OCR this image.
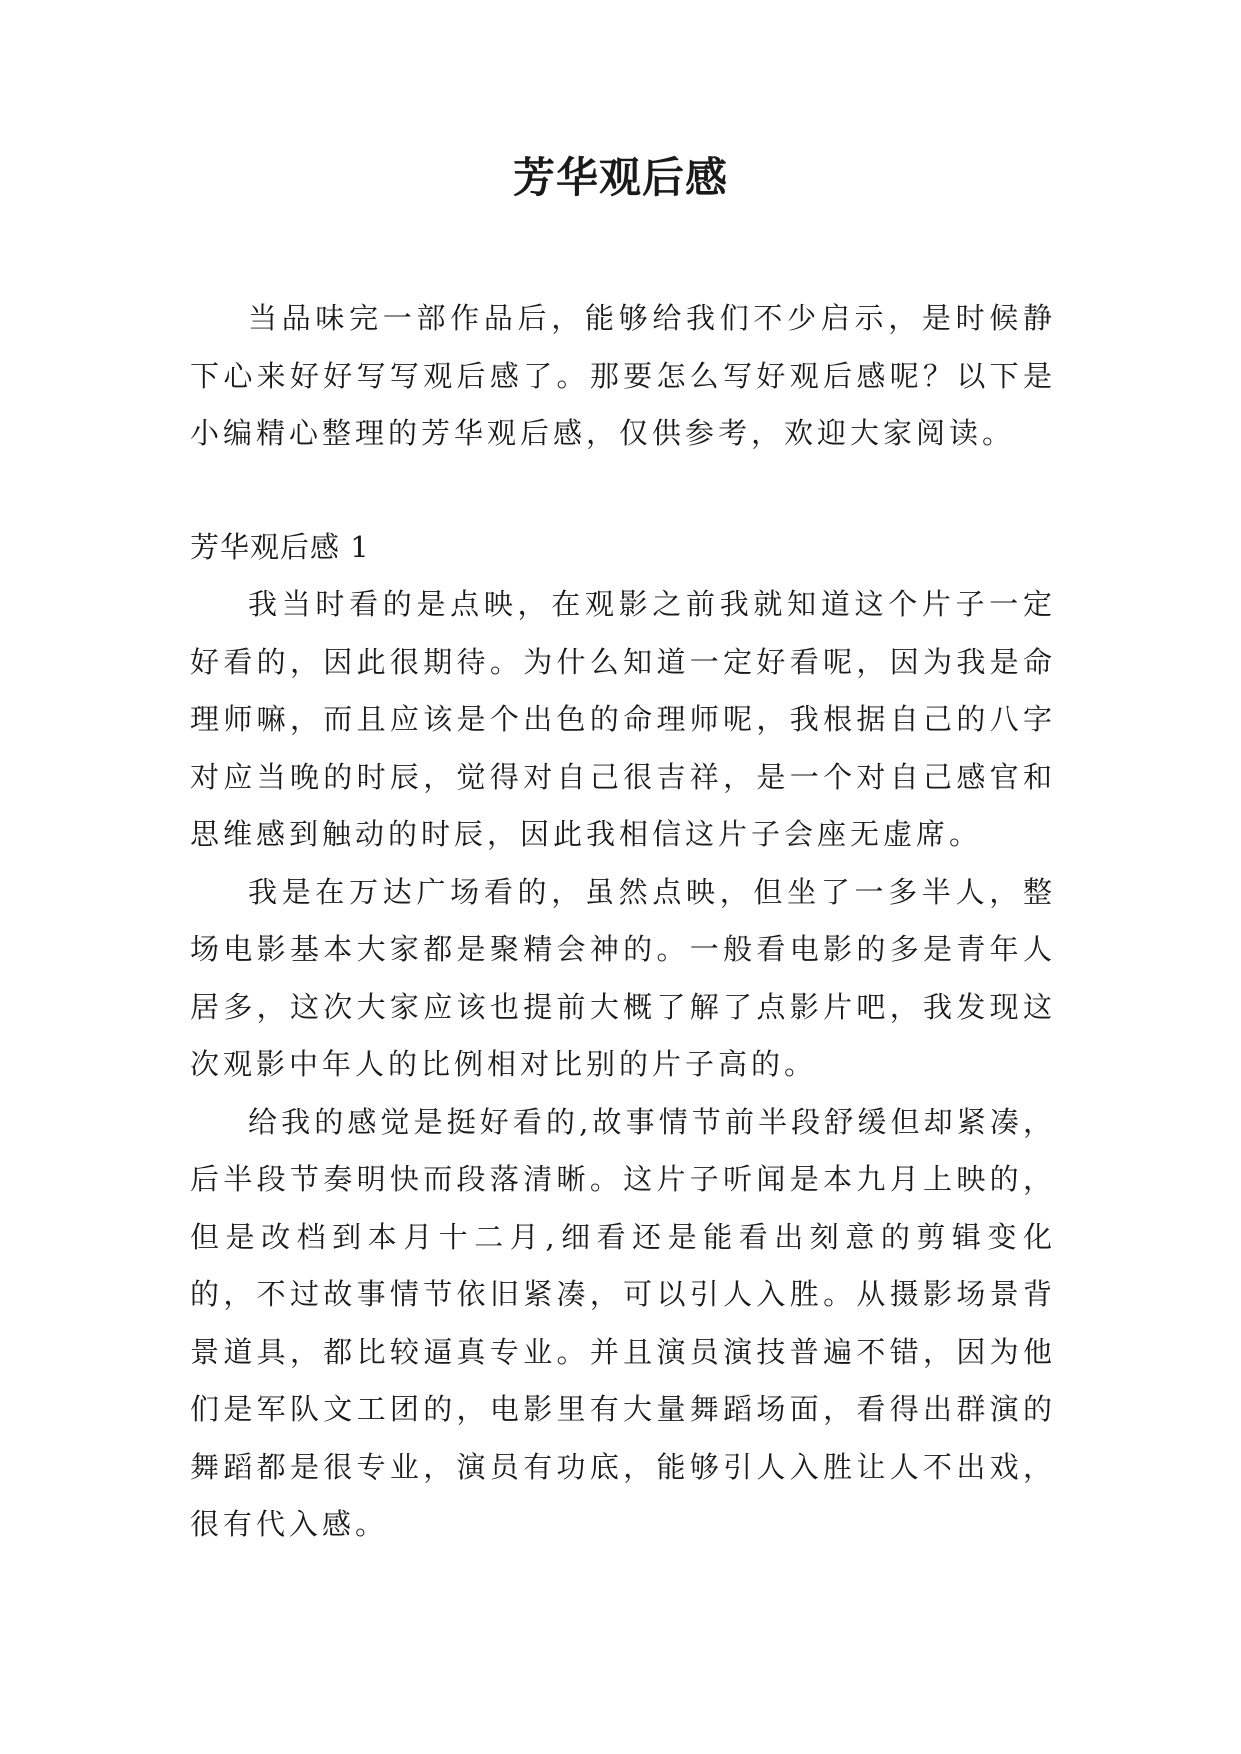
芳华观后感

当品味完一部作品后，能够给我们不少启示，是时候静下心来好好写写观后感了。那要怎么写好观后感呢？以下是小编精心整理的芳华观后感，仅供参考，欢迎大家阅读。

芳华观后感 1

我当时看的是点映，在观影之前我就知道这个片子一定好看的，因此很期待。为什么知道一定好看呢，因为我是命理师嘛，而且应该是个出色的命理师呢，我根据自己的八字对应当晚的时辰，觉得对自己很吉祥，是一个对自己感官和思维感到触动的时辰，因此我相信这片子会座无虚席。

我是在万达广场看的，虽然点映，但坐了一多半人，整场电影基本大家都是聚精会神的。一般看电影的多是青年人居多，这次大家应该也提前大概了解了点影片吧，我发现这次观影中年人的比例相对比别的片子高的。

给我的感觉是挺好看的,故事情节前半段舒缓但却紧凑，后半段节奏明快而段落清晰。这片子听闻是本九月上映的，但是改档到本月十二月,细看还是能看出刻意的剪辑变化的，不过故事情节依旧紧凑，可以引人入胜。从摄影场景背景道具，都比较逼真专业。并且演员演技普遍不错，因为他们是军队文工团的，电影里有大量舞蹈场面，看得出群演的舞蹈都是很专业，演员有功底，能够引人入胜让人不出戏，很有代入感。
